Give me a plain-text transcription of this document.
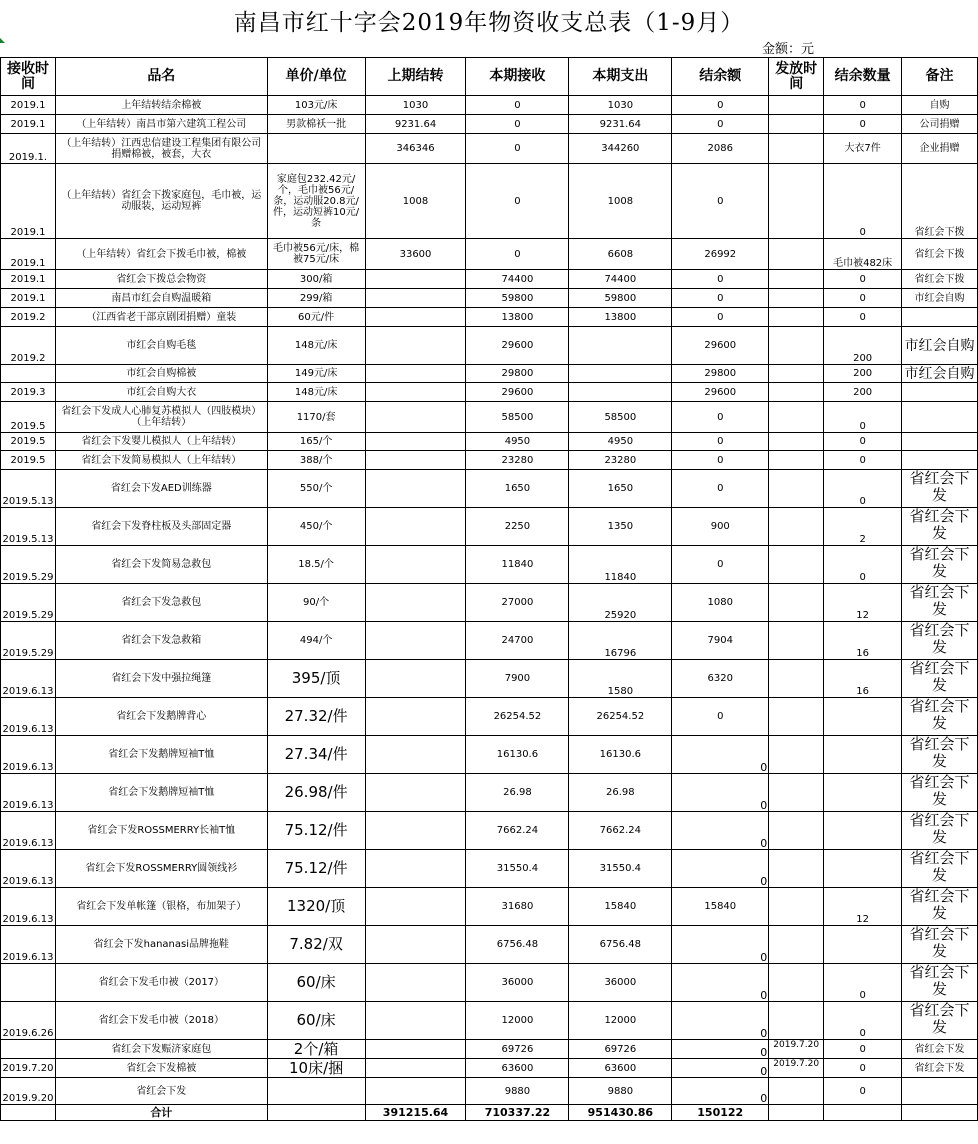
南昌市红十字会2019年物资收支总表（1-9月）
金额：元
接收时间	品名	单价/单位	上期结转	本期接收	本期支出	结余额	发放时间	结余数量	备注
2019.1	上年结转结余棉被	103元/床	1030	0	1030	0		0	自购
2019.1	（上年结转）南昌市第六建筑工程公司	男款棉袄一批	9231.64	0	9231.64	0		0	公司捐赠
2019.1.	（上年结转）江西忠信建设工程集团有限公司捐赠棉被，被套，大衣		346346	0	344260	2086		大衣7件	企业捐赠
2019.1	（上年结转）省红会下拨家庭包，毛巾被，运动服装，运动短裤	家庭包232.42元/个，毛巾被56元/条，运动服20.8元/件，运动短裤10元/条	1008	0	1008	0		0	省红会下拨
2019.1	（上年结转）省红会下拨毛巾被，棉被	毛巾被56元/床，棉被75元/床	33600	0	6608	26992		毛巾被482床	省红会下拨
2019.1	省红会下拨总会物资	300/箱		74400	74400	0		0	省红会下拨
2019.1	南昌市红会自购温暖箱	299/箱		59800	59800	0		0	市红会自购
2019.2	（江西省老干部京剧团捐赠）童装	60元/件		13800	13800	0		0	
2019.2	市红会自购毛毯	148元/床		29600		29600		200	市红会自购
	市红会自购棉被	149元/床		29800		29800		200	市红会自购
2019.3	市红会自购大衣	148元/床		29600		29600		200	
2019.5	省红会下发成人心肺复苏模拟人（四肢模块）（上年结转）	1170/套		58500	58500	0		0	
2019.5	省红会下发婴儿模拟人（上年结转）	165/个		4950	4950	0		0	
2019.5	省红会下发简易模拟人（上年结转）	388/个		23280	23280	0		0	
2019.5.13	省红会下发AED训练器	550/个		1650	1650	0		0	省红会下发
2019.5.13	省红会下发脊柱板及头部固定器	450/个		2250	1350	900		2	省红会下发
2019.5.29	省红会下发简易急救包	18.5/个		11840	11840	0		0	省红会下发
2019.5.29	省红会下发急救包	90/个		27000	25920	1080		12	省红会下发
2019.5.29	省红会下发急救箱	494/个		24700	16796	7904		16	省红会下发
2019.6.13	省红会下发中强拉绳篷	395/顶		7900	1580	6320		16	省红会下发
2019.6.13	省红会下发鹅牌背心	27.32/件		26254.52	26254.52	0			省红会下发
2019.6.13	省红会下发鹅牌短袖T恤	27.34/件		16130.6	16130.6	0			省红会下发
2019.6.13	省红会下发鹅牌短袖T恤	26.98/件		26.98	26.98	0			省红会下发
2019.6.13	省红会下发ROSSMERRY长袖T恤	75.12/件		7662.24	7662.24	0			省红会下发
2019.6.13	省红会下发ROSSMERRY圆领线衫	75.12/件		31550.4	31550.4	0			省红会下发
2019.6.13	省红会下发单帐篷（银格，布加架子）	1320/顶		31680	15840	15840		12	省红会下发
2019.6.13	省红会下发hananasi品牌拖鞋	7.82/双		6756.48	6756.48	0			省红会下发
	省红会下发毛巾被（2017）	60/床		36000	36000	0		0	省红会下发
2019.6.26	省红会下发毛巾被（2018）	60/床		12000	12000	0		0	省红会下发
	省红会下发赈济家庭包	2个/箱		69726	69726	0	2019.7.20	0	省红会下发
2019.7.20	省红会下发棉被	10床/捆		63600	63600	0	2019.7.20	0	省红会下发
2019.9.20	省红会下发			9880	9880	0		0	
	合计		391215.64	710337.22	951430.86	150122			
